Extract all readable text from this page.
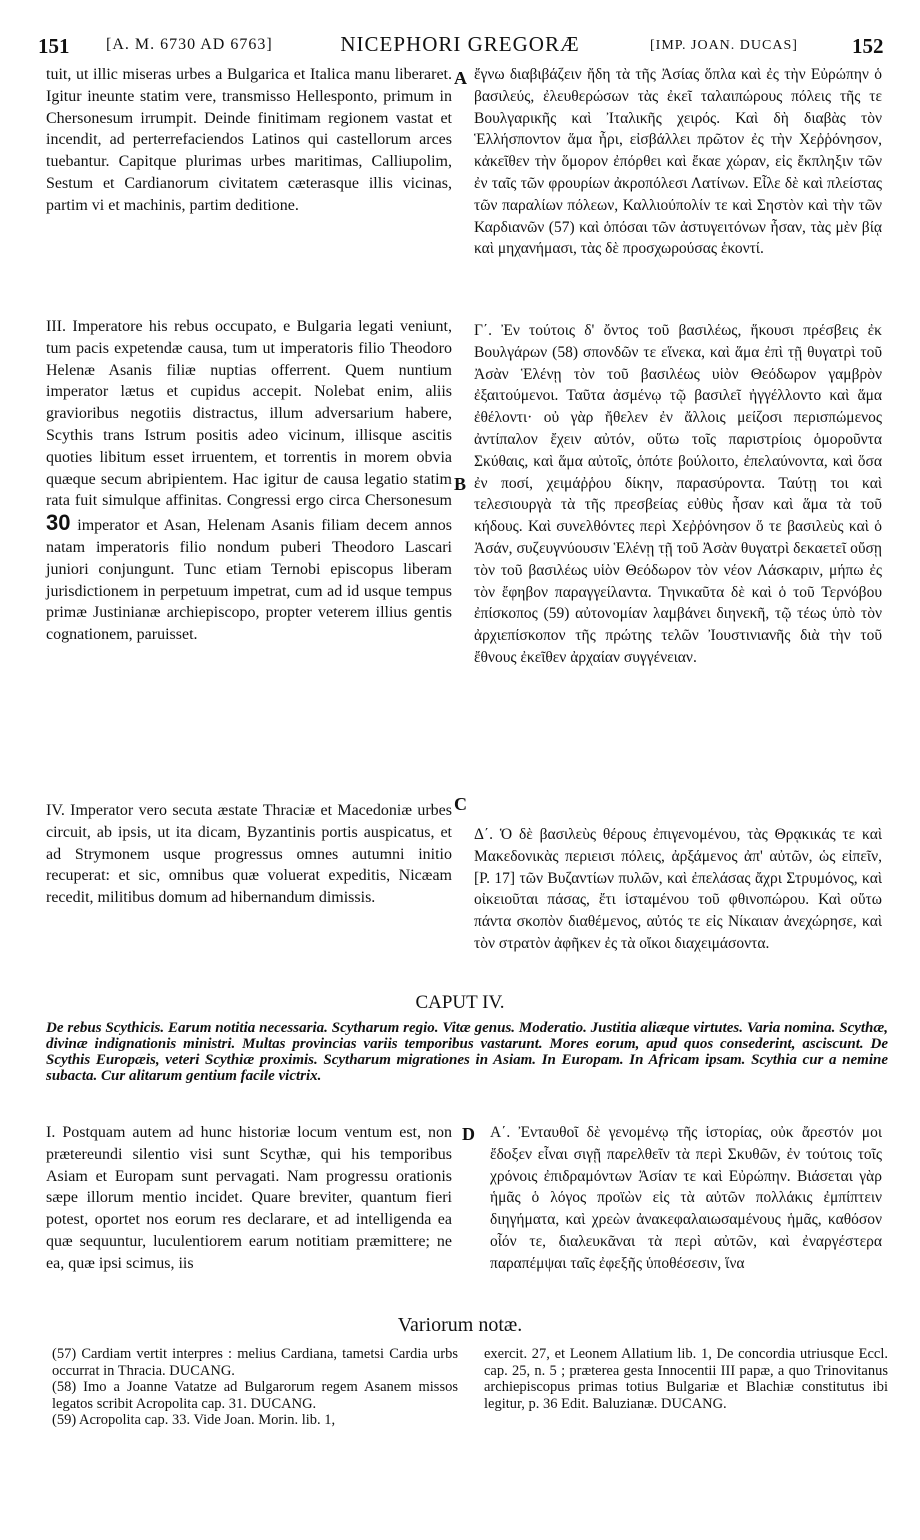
151 [A. M. 6730 AD 6763]	NICEPHORI GREGORÆ	[IMP. JOAN. DUCAS]	152
A
B
C
D

tuit, ut illic miseras urbes a Bulgarica et Italica manu liberaret. Igitur ineunte statim vere, transmisso Hellesponto, primum in Chersonesum irrumpit. Deinde finitimam regionem vastat et incendit, ad perterrefaciendos Latinos qui castellorum arces tuebantur. Capitque plurimas urbes maritimas, Calliupolim, Sestum et Cardianorum civitatem cæterasque illis vicinas, partim vi et machinis, partim deditione.

III. Imperatore his rebus occupato, e Bulgaria legati veniunt, tum pacis expetendæ causa, tum ut imperatoris filio Theodoro Helenæ Asanis filiæ nuptias offerrent. Quem nuntium imperator lætus et cupidus accepit. Nolebat enim, aliis gravioribus negotiis distractus, illum adversarium habere, Scythis trans Istrum positis adeo vicinum, illisque ascitis quoties libitum esset irruentem, et torrentis in morem obvia quæque secum abripientem. Hac igitur de causa legatio statim rata fuit simulque affinitas. Congressi ergo circa Chersonesum 30 imperator et Asan, Helenam Asanis filiam decem annos natam imperatoris filio nondum puberi Theodoro Lascari juniori conjungunt. Tunc etiam Ternobi episcopus liberam jurisdictionem in perpetuum impetrat, cum ad id usque tempus primæ Justinianæ archiepiscopo, propter veterem illius gentis cognationem, paruisset.

IV. Imperator vero secuta æstate Thraciæ et Macedoniæ urbes circuit, ab ipsis, ut ita dicam, Byzantinis portis auspicatus, et ad Strymonem usque progressus omnes autumni initio recuperat: et sic, omnibus quæ voluerat expeditis, Nicæam recedit, militibus domum ad hibernandum dimissis.

ἔγνω διαβιβάζειν ἤδη τὰ τῆς Ἀσίας ὅπλα καὶ ἐς τὴν Εὐρώπην ὁ βασιλεύς, ἐλευθερώσων τὰς ἐκεῖ ταλαιπώρους πόλεις τῆς τε Βουλγαρικῆς καὶ Ἰταλικῆς χειρός. Καὶ δὴ διαβὰς τὸν Ἑλλήσποντον ἅμα ἦρι, εἰσβάλλει πρῶτον ἐς τὴν Χεῤῥόνησον, κἀκεῖθεν τὴν ὅμορον ἐπόρθει καὶ ἔκαε χώραν, εἰς ἔκπληξιν τῶν ἐν ταῖς τῶν φρουρίων ἀκροπόλεσι Λατίνων. Εἷλε δὲ καὶ πλείστας τῶν παραλίων πόλεων, Καλλιούπολίν τε καὶ Σηστὸν καὶ τὴν τῶν Καρδιανῶν (57) καὶ ὁπόσαι τῶν ἀστυγειτόνων ἦσαν, τὰς μὲν βίᾳ καὶ μηχανήμασι, τὰς δὲ προσχωρούσας ἑκοντί.

Γ΄. Ἐν τούτοις δ' ὄντος τοῦ βασιλέως, ἥκουσι πρέσβεις ἐκ Βουλγάρων (58) σπονδῶν τε εἵνεκα, καὶ ἅμα ἐπὶ τῇ θυγατρὶ τοῦ Ἀσὰν Ἑλένῃ τὸν τοῦ βασιλέως υἱὸν Θεόδωρον γαμβρὸν ἐξαιτούμενοι. Ταῦτα ἀσμένῳ τῷ βασιλεῖ ἠγγέλλοντο καὶ ἅμα ἐθέλοντι· οὐ γὰρ ἤθελεν ἐν ἄλλοις μείζοσι περισπώμενος ἀντίπαλον ἔχειν αὐτόν, οὕτω τοῖς παριστρίοις ὁμοροῦντα Σκύθαις, καὶ ἅμα αὐτοῖς, ὁπότε βούλοιτο, ἐπελαύνοντα, καὶ ὅσα ἐν ποσί, χειμάῤῥου δίκην, παρασύροντα. Ταύτῃ τοι καὶ τελεσιουργὰ τὰ τῆς πρεσβείας εὐθὺς ἦσαν καὶ ἅμα τὰ τοῦ κήδους. Καὶ συνελθόντες περὶ Χεῤῥόνησον ὅ τε βασιλεὺς καὶ ὁ Ἀσάν, συζευγνύουσιν Ἑλένῃ τῇ τοῦ Ἀσὰν θυγατρὶ δεκαετεῖ οὔσῃ τὸν τοῦ βασιλέως υἱὸν Θεόδωρον τὸν νέον Λάσκαριν, μήπω ἐς τὸν ἔφηβον παραγγείλαντα. Τηνικαῦτα δὲ καὶ ὁ τοῦ Τερνόβου ἐπίσκοπος (59) αὐτονομίαν λαμβάνει διηνεκῆ, τῷ τέως ὑπὸ τὸν ἀρχιεπίσκοπον τῆς πρώτης τελῶν Ἰουστινιανῆς διὰ τὴν τοῦ ἔθνους ἐκεῖθεν ἀρχαίαν συγγένειαν.

Δ΄. Ὁ δὲ βασιλεὺς θέρους ἐπιγενομένου, τὰς Θρᾳκικάς τε καὶ Μακεδονικὰς περιεισι πόλεις, ἀρξάμενος ἀπ' αὐτῶν, ὡς εἰπεῖν, [P. 17] τῶν Βυζαντίων πυλῶν, καὶ ἐπελάσας ἄχρι Στρυμόνος, καὶ οἰκειοῦται πάσας, ἔτι ἱσταμένου τοῦ φθινοπώρου. Καὶ οὕτω πάντα σκοπὸν διαθέμενος, αὐτός τε εἰς Νίκαιαν ἀνεχώρησε, καὶ τὸν στρατὸν ἀφῆκεν ἐς τὰ οἴκοι διαχειμάσοντα.

CAPUT IV.
De rebus Scythicis. Earum notitia necessaria. Scytharum regio. Vitæ genus. Moderatio. Justitia aliæque virtutes. Varia nomina. Scythæ, divinæ indignationis ministri. Multas provincias variis temporibus vastarunt. Mores eorum, apud quos consederint, asciscunt. De Scythis Europæis, veteri Scythiæ proximis. Scytharum migrationes in Asiam. In Europam. In Africam ipsam. Scythia cur a nemine subacta. Cur alitarum gentium facile victrix.

I. Postquam autem ad hunc historiæ locum ventum est, non prætereundi silentio visi sunt Scythæ, qui his temporibus Asiam et Europam sunt pervagati. Nam progressu orationis sæpe illorum mentio incidet. Quare breviter, quantum fieri potest, oportet nos eorum res declarare, et ad intelligenda ea quæ sequuntur, luculentiorem earum notitiam præmittere; ne ea, quæ ipsi scimus, iis

Α΄. Ἐνταυθοῖ δὲ γενομένῳ τῆς ἱστορίας, οὐκ ἄρεστόν μοι ἔδοξεν εἶναι σιγῇ παρελθεῖν τὰ περὶ Σκυθῶν, ἐν τούτοις τοῖς χρόνοις ἐπιδραμόντων Ἀσίαν τε καὶ Εὐρώπην. Βιάσεται γὰρ ἡμᾶς ὁ λόγος προϊὼν εἰς τὰ αὐτῶν πολλάκις ἐμπίπτειν διηγήματα, καὶ χρεὼν ἀνακεφαλαιωσαμένους ἡμᾶς, καθόσον οἷόν τε, διαλευκᾶναι τὰ περὶ αὐτῶν, καὶ ἐναργέστερα παραπέμψαι ταῖς ἐφεξῆς ὑποθέσεσιν, ἵνα

Variorum notæ.

(57) Cardiam vertit interpres : melius Cardiana, tametsi Cardia urbs occurrat in Thracia. DUCANG.

(58) Imo a Joanne Vatatze ad Bulgarorum regem Asanem missos legatos scribit Acropolita cap. 31. DUCANG.

(59) Acropolita cap. 33. Vide Joan. Morin. lib. 1,

exercit. 27, et Leonem Allatium lib. 1, De concordia utriusque Eccl. cap. 25, n. 5 ; præterea gesta Innocentii III papæ, a quo Trinovitanus archiepiscopus primas totius Bulgariæ et Blachiæ constitutus ibi legitur, p. 36 Edit. Baluzianæ. DUCANG.
